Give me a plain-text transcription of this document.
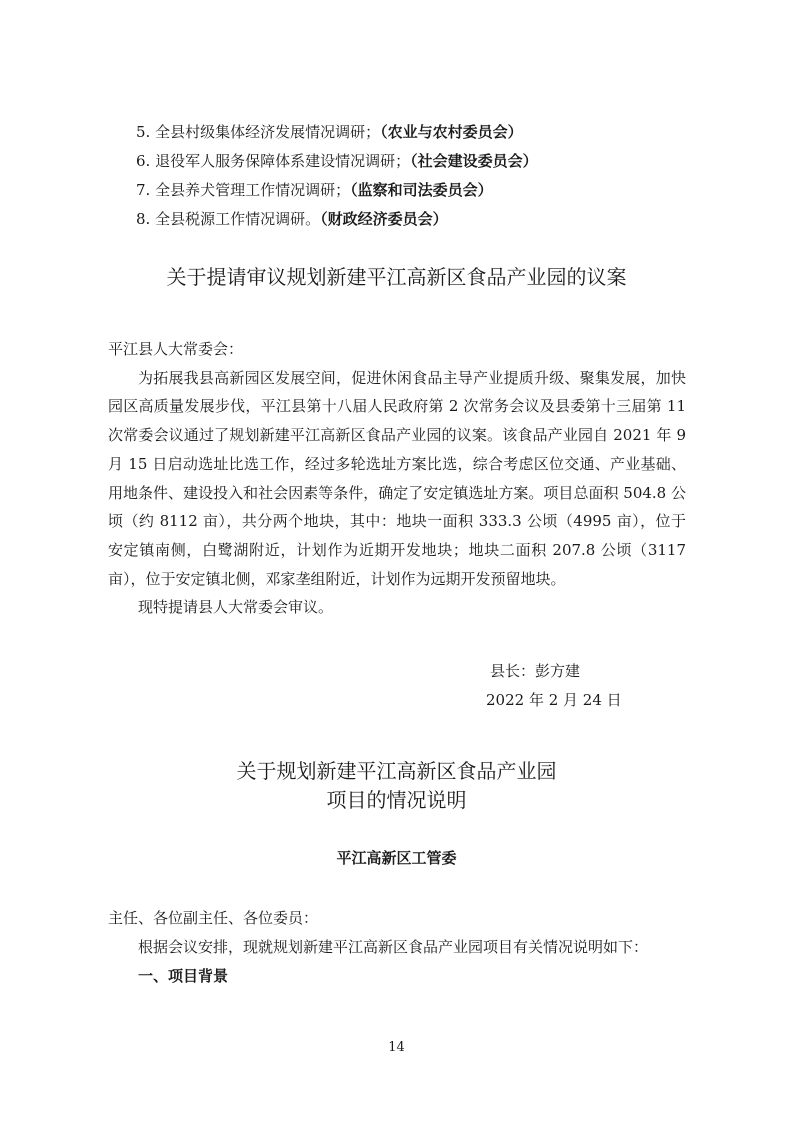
5. 全县村级集体经济发展情况调研；（农业与农村委员会）
6. 退役军人服务保障体系建设情况调研；（社会建设委员会）
7. 全县养犬管理工作情况调研；（监察和司法委员会）
8. 全县税源工作情况调研。（财政经济委员会）
关于提请审议规划新建平江高新区食品产业园的议案

平江县人大常委会：

为拓展我县高新园区发展空间，促进休闲食品主导产业提质升级、聚集发展，加快园区高质量发展步伐，平江县第十八届人民政府第 2 次常务会议及县委第十三届第 11 次常委会议通过了规划新建平江高新区食品产业园的议案。该食品产业园自 2021 年 9 月 15 日启动选址比选工作，经过多轮选址方案比选，综合考虑区位交通、产业基础、用地条件、建设投入和社会因素等条件，确定了安定镇选址方案。项目总面积 504.8 公顷（约 8112 亩），共分两个地块，其中：地块一面积 333.3 公顷（4995 亩），位于安定镇南侧，白鹭湖附近，计划作为近期开发地块；地块二面积 207.8 公顷（3117 亩），位于安定镇北侧，邓家垄组附近，计划作为远期开发预留地块。

现特提请县人大常委会审议。

县长：彭方建
2022 年 2 月 24 日
关于规划新建平江高新区食品产业园
项目的情况说明
平江高新区工管委
主任、各位副主任、各位委员：
根据会议安排，现就规划新建平江高新区食品产业园项目有关情况说明如下：
一、项目背景
14
